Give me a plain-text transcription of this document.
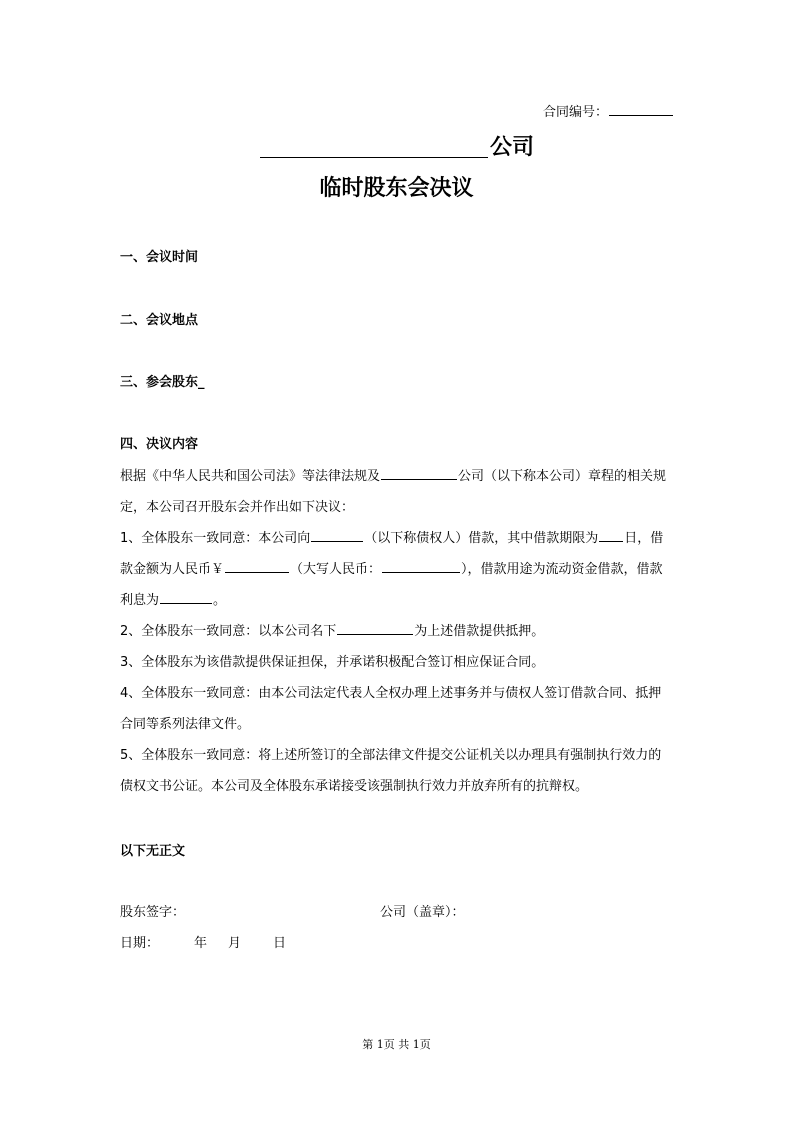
合同编号：
公司
临时股东会决议
一、会议时间
二、会议地点
三、参会股东_
四、决议内容

根据《中华人民共和国公司法》等法律法规及	公司（以下称本公司）章程的相关规

定，本公司召开股东会并作出如下决议：

1、全体股东一致同意：本公司向	（以下称债权人）借款，其中借款期限为 日，借

款金额为人民币￥	（大写人民币：	），借款用途为流动资金借款，借款

利息为	。

2、全体股东一致同意：以本公司名下	为上述借款提供抵押。

3、全体股东为该借款提供保证担保，并承诺积极配合签订相应保证合同。

4、全体股东一致同意：由本公司法定代表人全权办理上述事务并与债权人签订借款合同、抵押

合同等系列法律文件。

5、全体股东一致同意：将上述所签订的全部法律文件提交公证机关以办理具有强制执行效力的

债权文书公证。本公司及全体股东承诺接受该强制执行效力并放弃所有的抗辩权。

以下无正文
股东签字：	公司（盖章）：
日期：	年 月 日
第 1页 共 1页
